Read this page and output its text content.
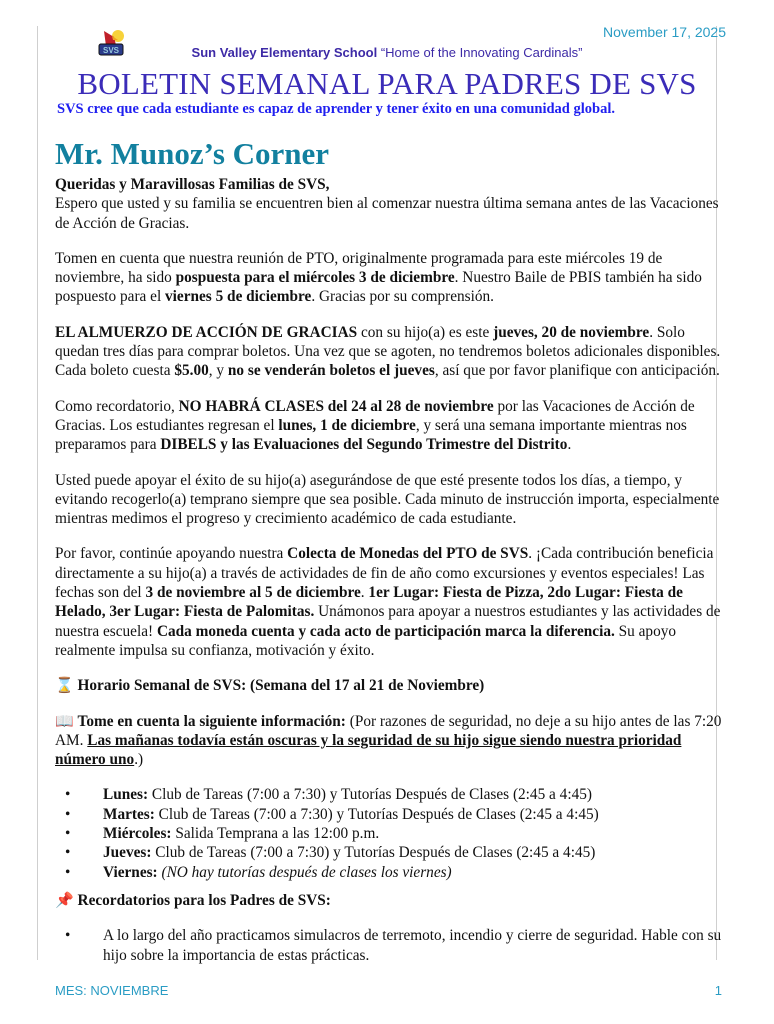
November 17, 2025
SVS	Sun Valley Elementary School “Home of the Innovating Cardinals”
BOLETIN SEMANAL PARA PADRES DE SVS
SVS cree que cada estudiante es capaz de aprender y tener éxito en una comunidad global.
Mr. Munoz’s Corner

Queridas y Maravillosas Familias de SVS,

Espero que usted y su familia se encuentren bien al comenzar nuestra última semana antes de las Vacaciones de Acción de Gracias.

Tomen en cuenta que nuestra reunión de PTO, originalmente programada para este miércoles 19 de noviembre, ha sido pospuesta para el miércoles 3 de diciembre. Nuestro Baile de PBIS también ha sido pospuesto para el viernes 5 de diciembre. Gracias por su comprensión.

EL ALMUERZO DE ACCIÓN DE GRACIAS con su hijo(a) es este jueves, 20 de noviembre. Solo quedan tres días para comprar boletos. Una vez que se agoten, no tendremos boletos adicionales disponibles. Cada boleto cuesta $5.00, y no se venderán boletos el jueves, así que por favor planifique con anticipación.

Como recordatorio, NO HABRÁ CLASES del 24 al 28 de noviembre por las Vacaciones de Acción de Gracias. Los estudiantes regresan el lunes, 1 de diciembre, y será una semana importante mientras nos preparamos para DIBELS y las Evaluaciones del Segundo Trimestre del Distrito.

Usted puede apoyar el éxito de su hijo(a) asegurándose de que esté presente todos los días, a tiempo, y evitando recogerlo(a) temprano siempre que sea posible. Cada minuto de instrucción importa, especialmente mientras medimos el progreso y crecimiento académico de cada estudiante.

Por favor, continúe apoyando nuestra Colecta de Monedas del PTO de SVS. ¡Cada contribución beneficia directamente a su hijo(a) a través de actividades de fin de año como excursiones y eventos especiales! Las fechas son del 3 de noviembre al 5 de diciembre. 1er Lugar: Fiesta de Pizza, 2do Lugar: Fiesta de Helado, 3er Lugar: Fiesta de Palomitas. Unámonos para apoyar a nuestros estudiantes y las actividades de nuestra escuela! Cada moneda cuenta y cada acto de participación marca la diferencia. Su apoyo realmente impulsa su confianza, motivación y éxito.

⌛ Horario Semanal de SVS: (Semana del 17 al 21 de Noviembre)

📖 Tome en cuenta la siguiente información: (Por razones de seguridad, no deje a su hijo antes de las 7:20 AM. Las mañanas todavía están oscuras y la seguridad de su hijo sigue siendo nuestra prioridad número uno.)

• Lunes: Club de Tareas (7:00 a 7:30) y Tutorías Después de Clases (2:45 a 4:45)
• Martes: Club de Tareas (7:00 a 7:30) y Tutorías Después de Clases (2:45 a 4:45)
• Miércoles: Salida Temprana a las 12:00 p.m.
• Jueves: Club de Tareas (7:00 a 7:30) y Tutorías Después de Clases (2:45 a 4:45)
• Viernes: (NO hay tutorías después de clases los viernes)

📌 Recordatorios para los Padres de SVS:

• A lo largo del año practicamos simulacros de terremoto, incendio y cierre de seguridad. Hable con su hijo sobre la importancia de estas prácticas.
MES: NOVIEMBRE	1
